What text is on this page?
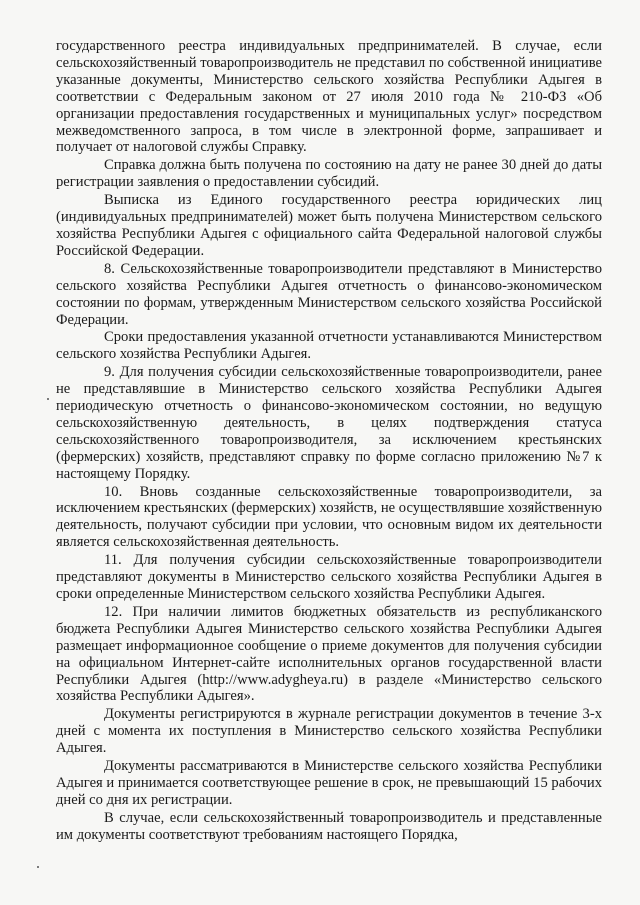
государственного реестра индивидуальных предпринимателей. В случае, если сельскохозяйственный товаропроизводитель не представил по собственной инициативе указанные документы, Министерство сельского хозяйства Республики Адыгея в соответствии с Федеральным законом от 27 июля 2010 года № 210-ФЗ «Об организации предоставления государственных и муниципальных услуг» посредством межведомственного запроса, в том числе в электронной форме, запрашивает и получает от налоговой службы Справку.

Справка должна быть получена по состоянию на дату не ранее 30 дней до даты регистрации заявления о предоставлении субсидий.

Выписка из Единого государственного реестра юридических лиц (индивидуальных предпринимателей) может быть получена Министерством сельского хозяйства Республики Адыгея с официального сайта Федеральной налоговой службы Российской Федерации.

8. Сельскохозяйственные товаропроизводители представляют в Министерство сельского хозяйства Республики Адыгея отчетность о финансово-экономическом состоянии по формам, утвержденным Министерством сельского хозяйства Российской Федерации.

Сроки предоставления указанной отчетности устанавливаются Министерством сельского хозяйства Республики Адыгея.

9. Для получения субсидии сельскохозяйственные товаропроизводители, ранее не представлявшие в Министерство сельского хозяйства Республики Адыгея периодическую отчетность о финансово-экономическом состоянии, но ведущую сельскохозяйственную деятельность, в целях подтверждения статуса сельскохозяйственного товаропроизводителя, за исключением крестьянских (фермерских) хозяйств, представляют справку по форме согласно приложению №7 к настоящему Порядку.

10. Вновь созданные сельскохозяйственные товаропроизводители, за исключением крестьянских (фермерских) хозяйств, не осуществлявшие хозяйственную деятельность, получают субсидии при условии, что основным видом их деятельности является сельскохозяйственная деятельность.

11. Для получения субсидии сельскохозяйственные товаропроизводители представляют документы в Министерство сельского хозяйства Республики Адыгея в сроки определенные Министерством сельского хозяйства Республики Адыгея.

12. При наличии лимитов бюджетных обязательств из республиканского бюджета Республики Адыгея Министерство сельского хозяйства Республики Адыгея размещает информационное сообщение о приеме документов для получения субсидии на официальном Интернет-сайте исполнительных органов государственной власти Республики Адыгея (http://www.adygheya.ru) в разделе «Министерство сельского хозяйства Республики Адыгея».

Документы регистрируются в журнале регистрации документов в течение 3-х дней с момента их поступления в Министерство сельского хозяйства Республики Адыгея.

Документы рассматриваются в Министерстве сельского хозяйства Республики Адыгея и принимается соответствующее решение в срок, не превышающий 15 рабочих дней со дня их регистрации.

В случае, если сельскохозяйственный товаропроизводитель и представленные им документы соответствуют требованиям настоящего Порядка,
